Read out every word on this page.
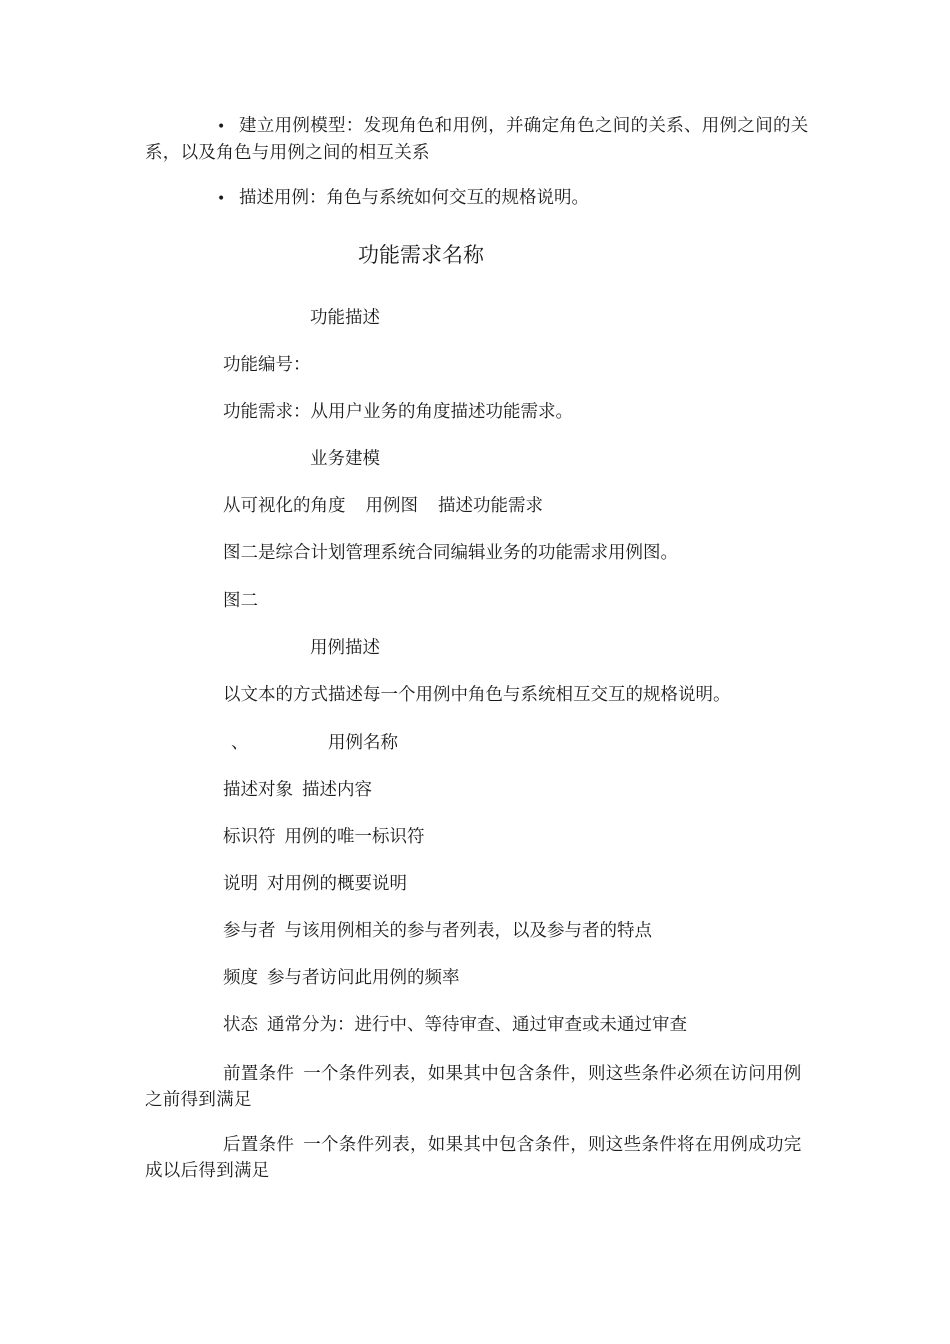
• 建立用例模型：发现角色和用例，并确定角色之间的关系、用例之间的关系，以及角色与用例之间的相互关系
• 描述用例：角色与系统如何交互的规格说明。
功能需求名称
功能描述
功能编号：
功能需求：从用户业务的角度描述功能需求。
业务建模
从可视化的角度 用例图 描述功能需求
图二是综合计划管理系统合同编辑业务的功能需求用例图。
图二
用例描述
以文本的方式描述每一个用例中角色与系统相互交互的规格说明。
、	用例名称
描述对象 描述内容
标识符 用例的唯一标识符
说明 对用例的概要说明
参与者 与该用例相关的参与者列表，以及参与者的特点
频度 参与者访问此用例的频率
状态 通常分为：进行中、等待审查、通过审查或未通过审查
前置条件 一个条件列表，如果其中包含条件，则这些条件必须在访问用例之前得到满足
后置条件 一个条件列表，如果其中包含条件，则这些条件将在用例成功完成以后得到满足
